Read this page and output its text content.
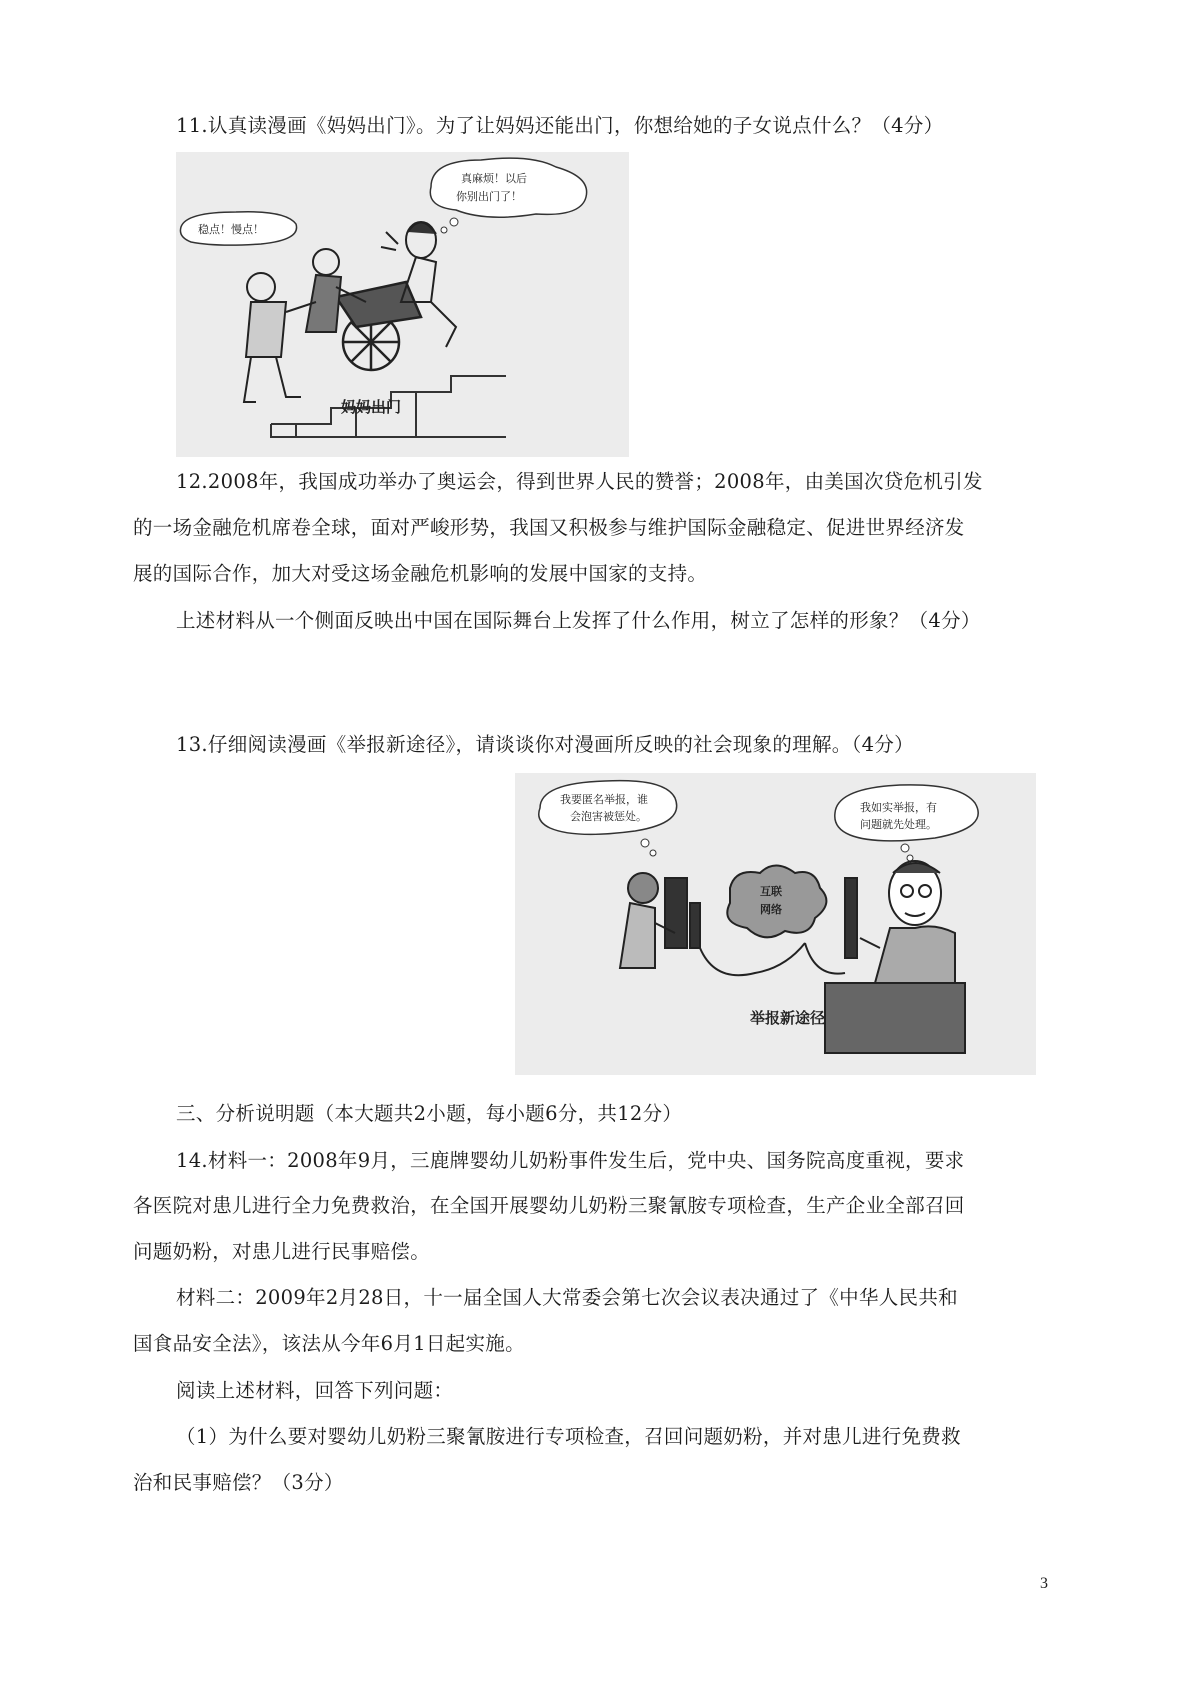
11.认真读漫画《妈妈出门》。为了让妈妈还能出门，你想给她的子女说点什么？（4分）
真麻烦！以后
你别出门了！
稳点！慢点！
妈妈出门
12.2008年，我国成功举办了奥运会，得到世界人民的赞誉；2008年，由美国次贷危机引发
的一场金融危机席卷全球，面对严峻形势，我国又积极参与维护国际金融稳定、促进世界经济发
展的国际合作，加大对受这场金融危机影响的发展中国家的支持。
上述材料从一个侧面反映出中国在国际舞台上发挥了什么作用，树立了怎样的形象？（4分）
13.仔细阅读漫画《举报新途径》，请谈谈你对漫画所反映的社会现象的理解。（4分）
我要匿名举报，谁
会泡害被惩处。
我如实举报，有
问题就先处理。
互联
网络
举报新途径
三、分析说明题（本大题共2小题，每小题6分，共12分）
14.材料一：2008年9月，三鹿牌婴幼儿奶粉事件发生后，党中央、国务院高度重视，要求
各医院对患儿进行全力免费救治，在全国开展婴幼儿奶粉三聚氰胺专项检查，生产企业全部召回
问题奶粉，对患儿进行民事赔偿。
材料二：2009年2月28日，十一届全国人大常委会第七次会议表决通过了《中华人民共和
国食品安全法》，该法从今年6月1日起实施。
阅读上述材料，回答下列问题：
（1）为什么要对婴幼儿奶粉三聚氰胺进行专项检查，召回问题奶粉，并对患儿进行免费救
治和民事赔偿？（3分）
3
